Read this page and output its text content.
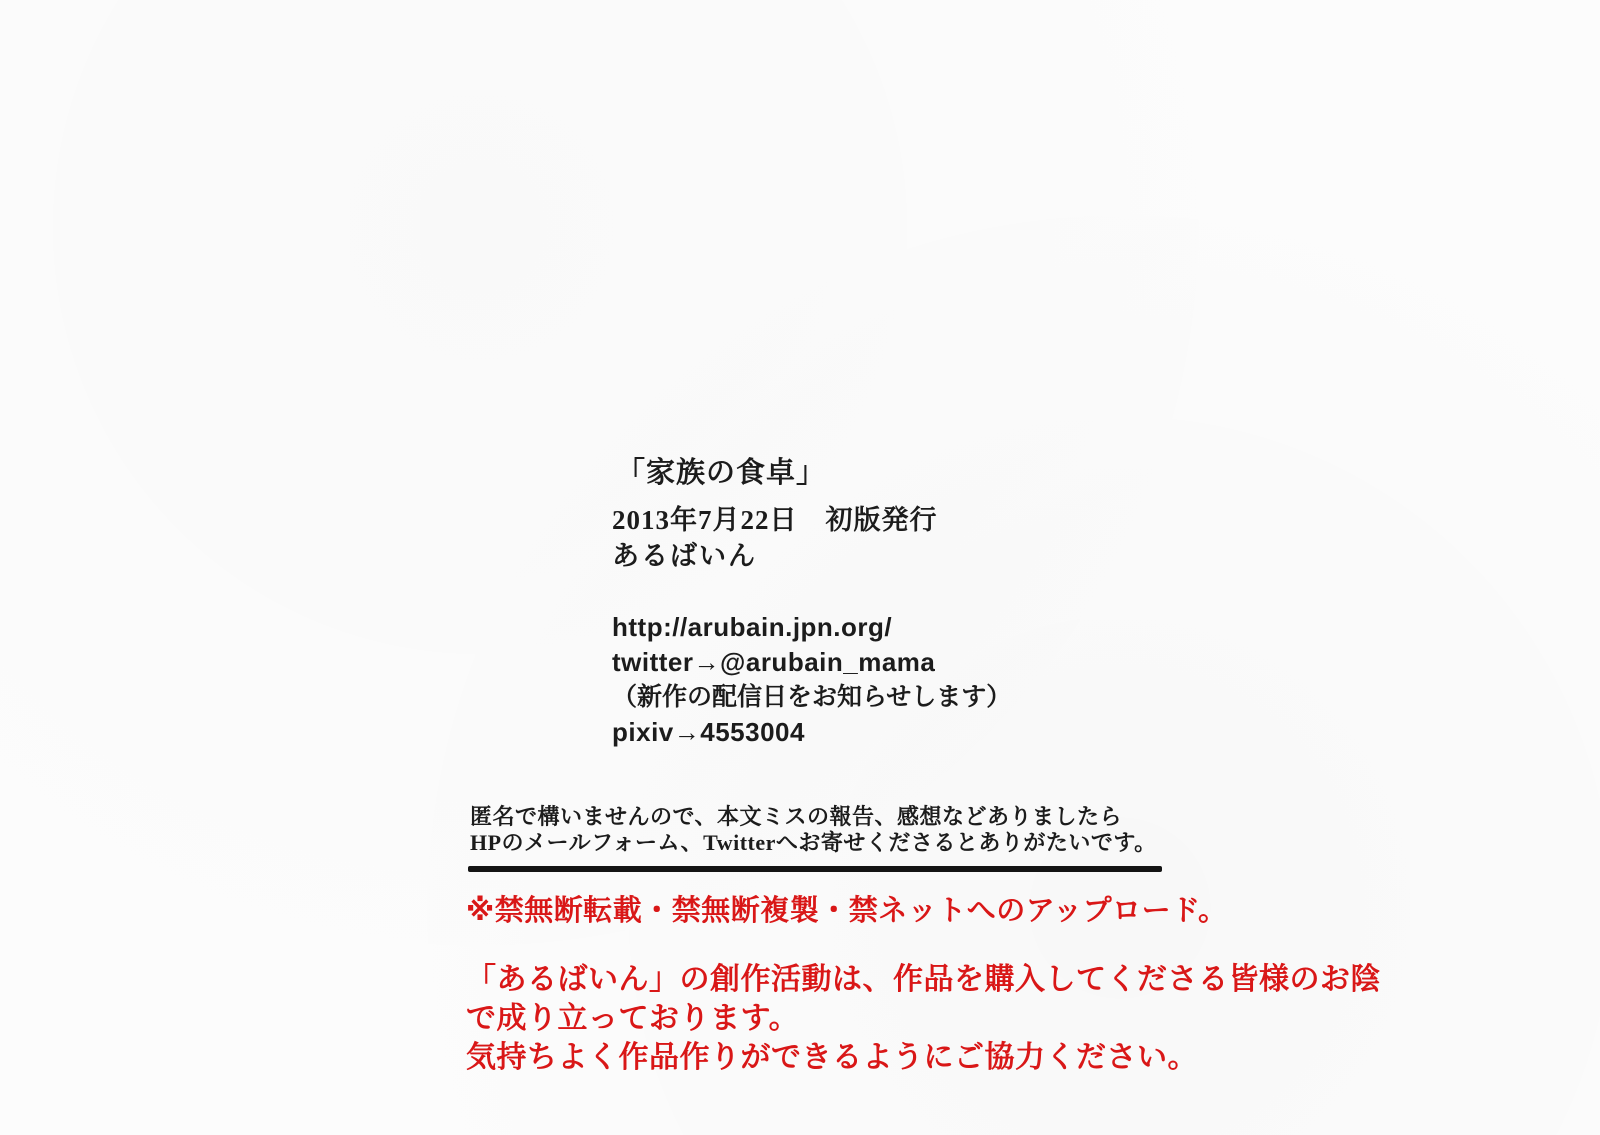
「家族の食卓」
2013年7月22日　初版発行
あるばいん
http://arubain.jpn.org/
twitter→@arubain_mama
（新作の配信日をお知らせします）
pixiv→4553004
匿名で構いませんので、本文ミスの報告、感想などありましたら
HPのメールフォーム、Twitterへお寄せくださるとありがたいです。
※禁無断転載・禁無断複製・禁ネットへのアップロード。
「あるばいん」の創作活動は、作品を購入してくださる皆様のお陰
で成り立っております。
気持ちよく作品作りができるようにご協力ください。
